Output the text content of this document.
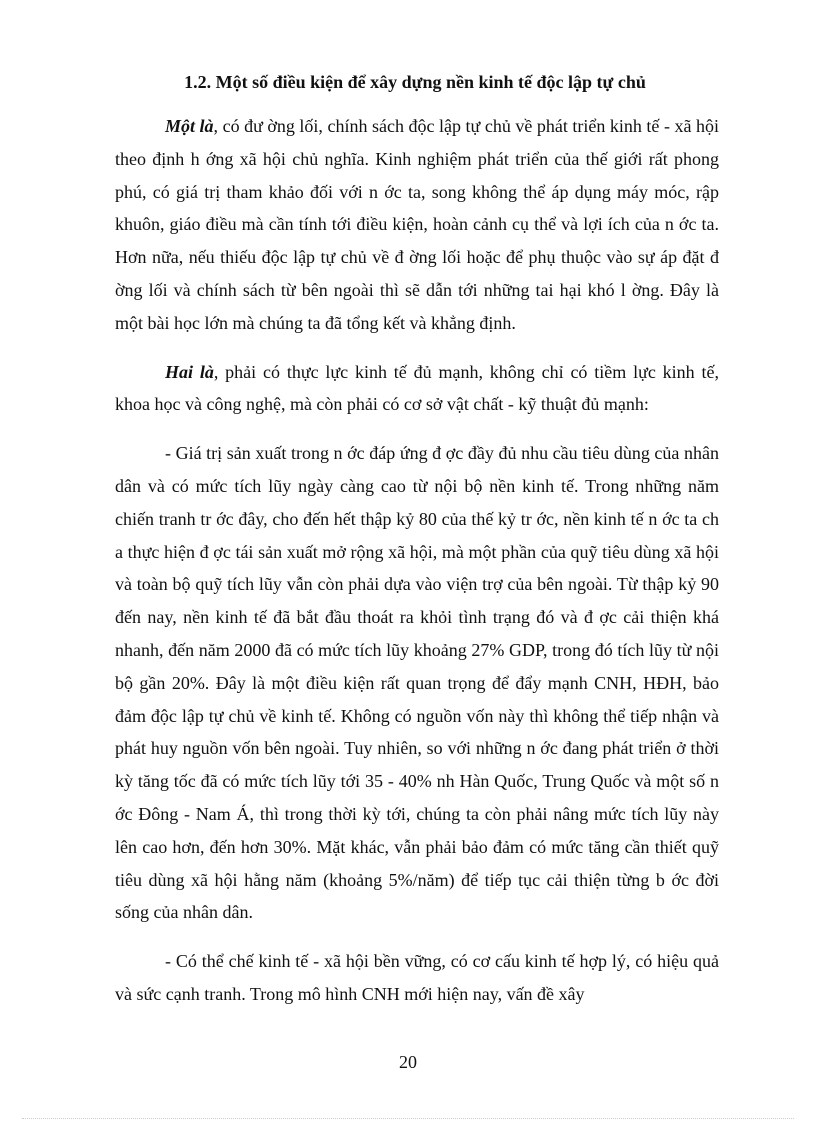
1.2. Một số điều kiện để xây dựng nền kinh tế độc lập tự chủ

Một là, có đư ờng lối, chính sách độc lập tự chủ về phát triển kinh tế - xã hội theo định h ớng xã hội chủ nghĩa. Kinh nghiệm phát triển của thế giới rất phong phú, có giá trị tham khảo đối với n ớc ta, song không thể áp dụng máy móc, rập khuôn, giáo điều mà cần tính tới điều kiện, hoàn cảnh cụ thể và lợi ích của n ớc ta. Hơn nữa, nếu thiếu độc lập tự chủ về đ ờng lối hoặc để phụ thuộc vào sự áp đặt đ ờng lối và chính sách từ bên ngoài thì sẽ dẫn tới những tai hại khó l ờng. Đây là một bài học lớn mà chúng ta đã tổng kết và khẳng định.

Hai là, phải có thực lực kinh tế đủ mạnh, không chỉ có tiềm lực kinh tế, khoa học và công nghệ, mà còn phải có cơ sở vật chất - kỹ thuật đủ mạnh:

- Giá trị sản xuất trong n ớc đáp ứng đ ợc đầy đủ nhu cầu tiêu dùng của nhân dân và có mức tích lũy ngày càng cao từ nội bộ nền kinh tế. Trong những năm chiến tranh tr ớc đây, cho đến hết thập kỷ 80 của thế kỷ tr ớc, nền kinh tế n ớc ta ch a thực hiện đ ợc tái sản xuất mở rộng xã hội, mà một phần của quỹ tiêu dùng xã hội và toàn bộ quỹ tích lũy vẫn còn phải dựa vào viện trợ của bên ngoài. Từ thập kỷ 90 đến nay, nền kinh tế đã bắt đầu thoát ra khỏi tình trạng đó và đ ợc cải thiện khá nhanh, đến năm 2000 đã có mức tích lũy khoảng 27% GDP, trong đó tích lũy từ nội bộ gần 20%. Đây là một điều kiện rất quan trọng để đẩy mạnh CNH, HĐH, bảo đảm độc lập tự chủ về kinh tế. Không có nguồn vốn này thì không thể tiếp nhận và phát huy nguồn vốn bên ngoài. Tuy nhiên, so với những n ớc đang phát triển ở thời kỳ tăng tốc đã có mức tích lũy tới 35 - 40% nh Hàn Quốc, Trung Quốc và một số n ớc Đông - Nam Á, thì trong thời kỳ tới, chúng ta còn phải nâng mức tích lũy này lên cao hơn, đến hơn 30%. Mặt khác, vẫn phải bảo đảm có mức tăng cần thiết quỹ tiêu dùng xã hội hằng năm (khoảng 5%/năm) để tiếp tục cải thiện từng b ớc đời sống của nhân dân.

- Có thể chế kinh tế - xã hội bền vững, có cơ cấu kinh tế hợp lý, có hiệu quả và sức cạnh tranh. Trong mô hình CNH mới hiện nay, vấn đề xây

20
